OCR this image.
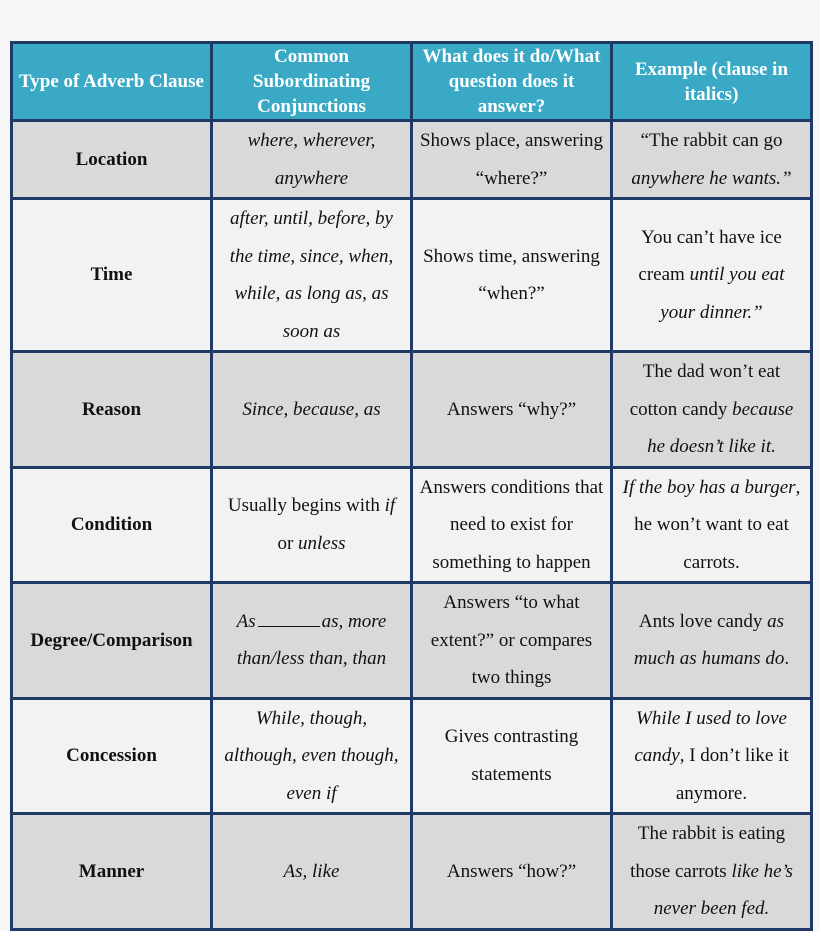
Type of Adverb Clause	Common Subordinating Conjunctions	What does it do/What question does it answer?	Example (clause in italics)
Location	where, wherever, anywhere	Shows place, answering “where?”	“The rabbit can go anywhere he wants.”
Time	after, until, before, by the time, since, when, while, as long as, as soon as	Shows time, answering “when?”	You can’t have ice cream until you eat your dinner.”
Reason	Since, because, as	Answers “why?”	The dad won’t eat cotton candy because he doesn’t like it.
Condition	Usually begins with if or unless	Answers conditions that need to exist for something to happen	If the boy has a burger, he won’t want to eat carrots.
Degree/Comparison	As as, more than/less than, than	Answers “to what extent?” or compares two things	Ants love candy as much as humans do.
Concession	While, though, although, even though, even if	Gives contrasting statements	While I used to love candy, I don’t like it anymore.
Manner	As, like	Answers “how?”	The rabbit is eating those carrots like he’s never been fed.
